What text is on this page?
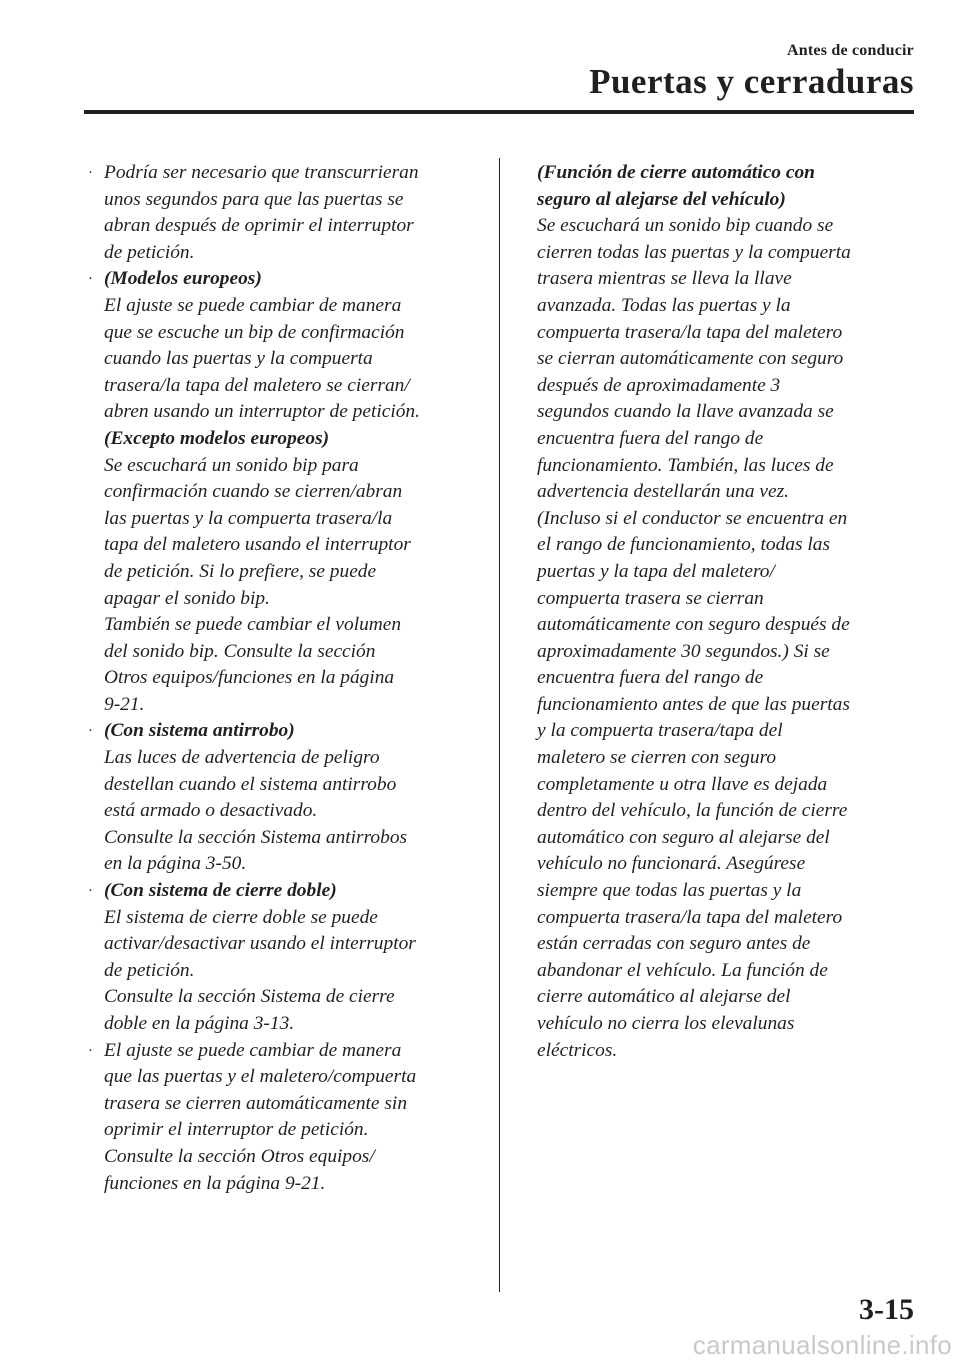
Antes de conducir
Puertas y cerraduras
· Podría ser necesario que transcurrieran
unos segundos para que las puertas se
abran después de oprimir el interruptor
de petición.
· (Modelos europeos)
El ajuste se puede cambiar de manera
que se escuche un bip de confirmación
cuando las puertas y la compuerta
trasera/la tapa del maletero se cierran/
abren usando un interruptor de petición.
(Excepto modelos europeos)
Se escuchará un sonido bip para
confirmación cuando se cierren/abran
las puertas y la compuerta trasera/la
tapa del maletero usando el interruptor
de petición. Si lo prefiere, se puede
apagar el sonido bip.
También se puede cambiar el volumen
del sonido bip. Consulte la sección
Otros equipos/funciones en la página
9-21.
· (Con sistema antirrobo)
Las luces de advertencia de peligro
destellan cuando el sistema antirrobo
está armado o desactivado.
Consulte la sección Sistema antirrobos
en la página 3-50.
· (Con sistema de cierre doble)
El sistema de cierre doble se puede
activar/desactivar usando el interruptor
de petición.
Consulte la sección Sistema de cierre
doble en la página 3-13.
· El ajuste se puede cambiar de manera
que las puertas y el maletero/compuerta
trasera se cierren automáticamente sin
oprimir el interruptor de petición.
Consulte la sección Otros equipos/
funciones en la página 9-21.
(Función de cierre automático con
seguro al alejarse del vehículo)
Se escuchará un sonido bip cuando se
cierren todas las puertas y la compuerta
trasera mientras se lleva la llave
avanzada. Todas las puertas y la
compuerta trasera/la tapa del maletero
se cierran automáticamente con seguro
después de aproximadamente 3
segundos cuando la llave avanzada se
encuentra fuera del rango de
funcionamiento. También, las luces de
advertencia destellarán una vez.
(Incluso si el conductor se encuentra en
el rango de funcionamiento, todas las
puertas y la tapa del maletero/
compuerta trasera se cierran
automáticamente con seguro después de
aproximadamente 30 segundos.) Si se
encuentra fuera del rango de
funcionamiento antes de que las puertas
y la compuerta trasera/tapa del
maletero se cierren con seguro
completamente u otra llave es dejada
dentro del vehículo, la función de cierre
automático con seguro al alejarse del
vehículo no funcionará. Asegúrese
siempre que todas las puertas y la
compuerta trasera/la tapa del maletero
están cerradas con seguro antes de
abandonar el vehículo. La función de
cierre automático al alejarse del
vehículo no cierra los elevalunas
eléctricos.
3-15
carmanualsonline.info
